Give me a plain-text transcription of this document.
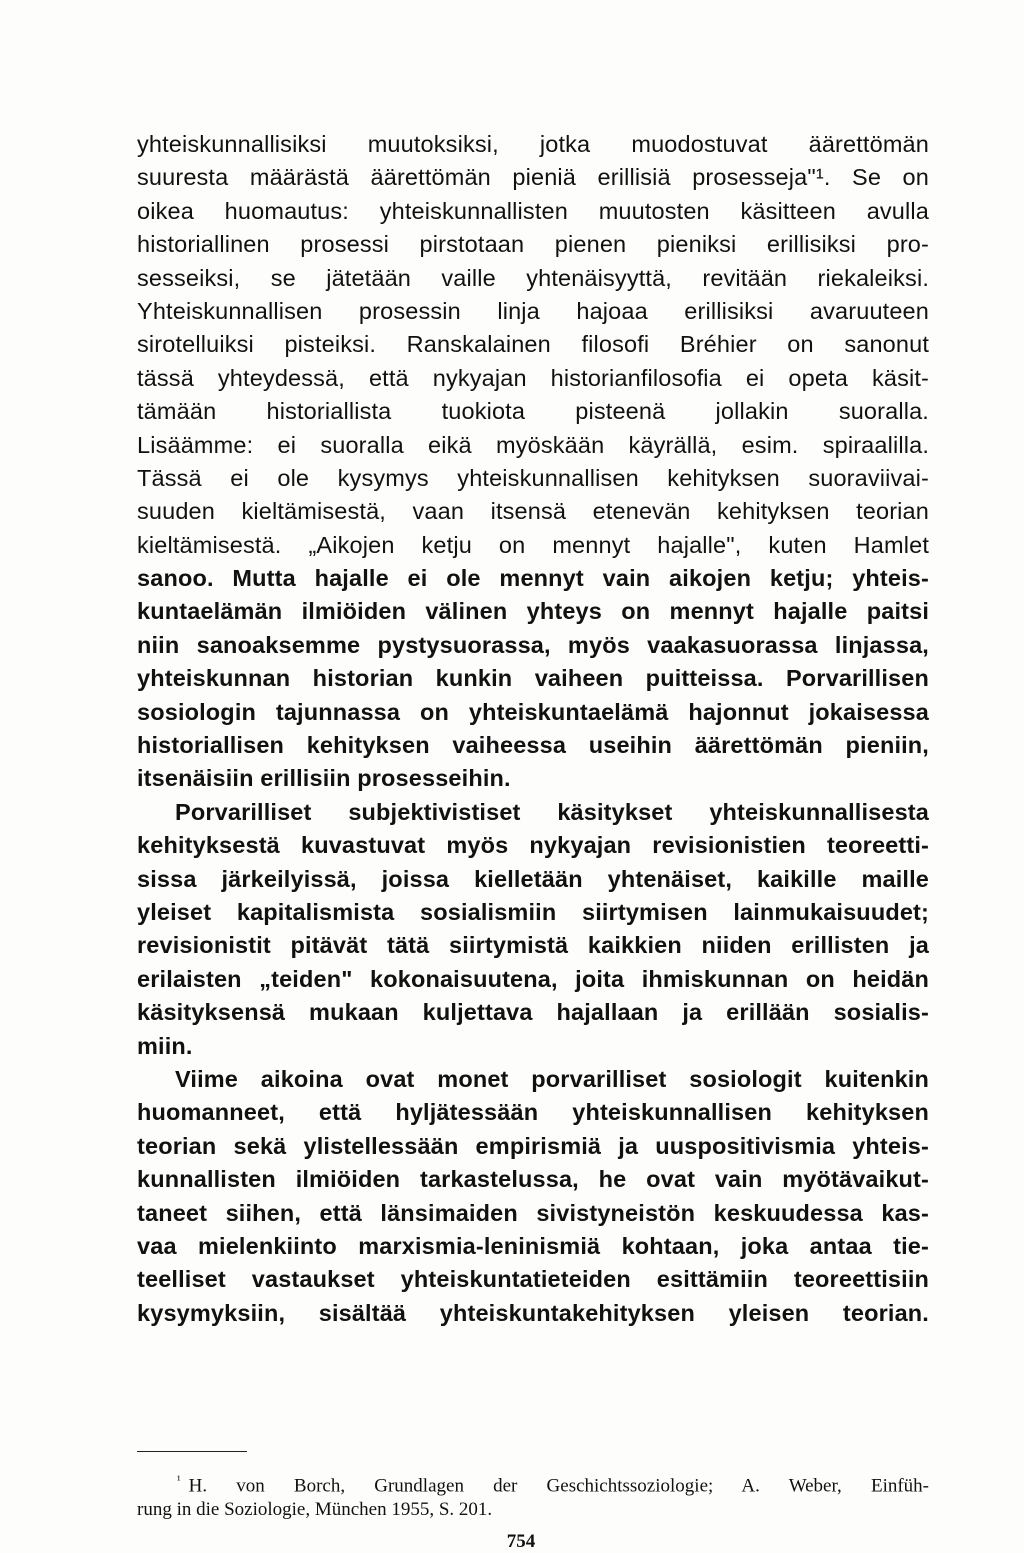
yhteiskunnallisiksi muutoksiksi, jotka muodostuvat äärettömän
suuresta määrästä äärettömän pieniä erillisiä prosesseja"¹. Se on
oikea huomautus: yhteiskunnallisten muutosten käsitteen avulla
historiallinen prosessi pirstotaan pienen pieniksi erillisiksi pro-
sesseiksi, se jätetään vaille yhtenäisyyttä, revitään riekaleiksi.
Yhteiskunnallisen prosessin linja hajoaa erillisiksi avaruuteen
sirotelluiksi pisteiksi. Ranskalainen filosofi Bréhier on sanonut
tässä yhteydessä, että nykyajan historianfilosofia ei opeta käsit-
tämään historiallista tuokiota pisteenä jollakin suoralla.
Lisäämme: ei suoralla eikä myöskään käyrällä, esim. spiraalilla.
Tässä ei ole kysymys yhteiskunnallisen kehityksen suoraviivai-
suuden kieltämisestä, vaan itsensä etenevän kehityksen teorian
kieltämisestä. „Aikojen ketju on mennyt hajalle", kuten Hamlet
sanoo. Mutta hajalle ei ole mennyt vain aikojen ketju; yhteis-
kuntaelämän ilmiöiden välinen yhteys on mennyt hajalle paitsi
niin sanoaksemme pystysuorassa, myös vaakasuorassa linjassa,
yhteiskunnan historian kunkin vaiheen puitteissa. Porvarillisen
sosiologin tajunnassa on yhteiskuntaelämä hajonnut jokaisessa
historiallisen kehityksen vaiheessa useihin äärettömän pieniin,
itsenäisiin erillisiin prosesseihin.
Porvarilliset subjektivistiset käsitykset yhteiskunnallisesta
kehityksestä kuvastuvat myös nykyajan revisionistien teoreetti-
sissa järkeilyissä, joissa kielletään yhtenäiset, kaikille maille
yleiset kapitalismista sosialismiin siirtymisen lainmukaisuudet;
revisionistit pitävät tätä siirtymistä kaikkien niiden erillisten ja
erilaisten „teiden" kokonaisuutena, joita ihmiskunnan on heidän
käsityksensä mukaan kuljettava hajallaan ja erillään sosialis-
miin.
Viime aikoina ovat monet porvarilliset sosiologit kuitenkin
huomanneet, että hyljätessään yhteiskunnallisen kehityksen
teorian sekä ylistellessään empirismiä ja uuspositivismia yhteis-
kunnallisten ilmiöiden tarkastelussa, he ovat vain myötävaikut-
taneet siihen, että länsimaiden sivistyneistön keskuudessa kas-
vaa mielenkiinto marxismia-leninismiä kohtaan, joka antaa tie-
teelliset vastaukset yhteiskuntatieteiden esittämiin teoreettisiin
kysymyksiin, sisältää yhteiskuntakehityksen yleisen teorian.
$^{^1}$ H. von Borch, Grundlagen der Geschichtssoziologie; A. Weber, Einfüh-
rung in die Soziologie, München 1955, S. 201.
754
